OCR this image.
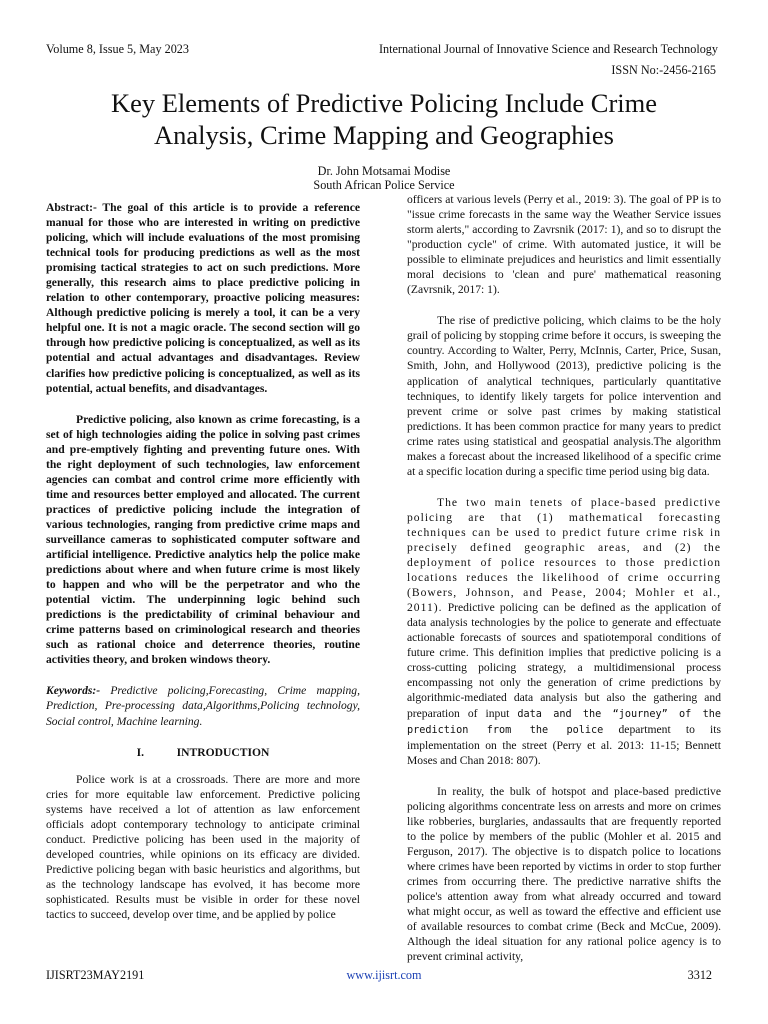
Volume 8, Issue 5, May 2023	International Journal of Innovative Science and Research Technology
ISSN No:-2456-2165
Key Elements of Predictive Policing Include Crime
Analysis, Crime Mapping and Geographies
Dr. John Motsamai Modise
South African Police Service

Abstract:- The goal of this article is to provide a reference manual for those who are interested in writing on predictive policing, which will include evaluations of the most promising technical tools for producing predictions as well as the most promising tactical strategies to act on such predictions. More generally, this research aims to place predictive policing in relation to other contemporary, proactive policing measures: Although predictive policing is merely a tool, it can be a very helpful one. It is not a magic oracle. The second section will go through how predictive policing is conceptualized, as well as its potential and actual advantages and disadvantages. Review clarifies how predictive policing is conceptualized, as well as its potential, actual benefits, and disadvantages.

Predictive policing, also known as crime forecasting, is a set of high technologies aiding the police in solving past crimes and pre-emptively fighting and preventing future ones. With the right deployment of such technologies, law enforcement agencies can combat and control crime more efficiently with time and resources better employed and allocated. The current practices of predictive policing include the integration of various technologies, ranging from predictive crime maps and surveillance cameras to sophisticated computer software and artificial intelligence. Predictive analytics help the police make predictions about where and when future crime is most likely to happen and who will be the perpetrator and who the potential victim. The underpinning logic behind such predictions is the predictability of criminal behaviour and crime patterns based on criminological research and theories such as rational choice and deterrence theories, routine activities theory, and broken windows theory.

Keywords:- Predictive policing,Forecasting, Crime mapping, Prediction, Pre-processing data,Algorithms,Policing technology, Social control, Machine learning.

I.	INTRODUCTION

Police work is at a crossroads. There are more and more cries for more equitable law enforcement. Predictive policing systems have received a lot of attention as law enforcement officials adopt contemporary technology to anticipate criminal conduct. Predictive policing has been used in the majority of developed countries, while opinions on its efficacy are divided. Predictive policing began with basic heuristics and algorithms, but as the technology landscape has evolved, it has become more sophisticated. Results must be visible in order for these novel tactics to succeed, develop over time, and be applied by police

officers at various levels (Perry et al., 2019: 3). The goal of PP is to "issue crime forecasts in the same way the Weather Service issues storm alerts," according to Zavrsnik (2017: 1), and so to disrupt the "production cycle" of crime. With automated justice, it will be possible to eliminate prejudices and heuristics and limit essentially moral decisions to 'clean and pure' mathematical reasoning (Zavrsnik, 2017: 1).

The rise of predictive policing, which claims to be the holy grail of policing by stopping crime before it occurs, is sweeping the country. According to Walter, Perry, McInnis, Carter, Price, Susan, Smith, John, and Hollywood (2013), predictive policing is the application of analytical techniques, particularly quantitative techniques, to identify likely targets for police intervention and prevent crime or solve past crimes by making statistical predictions. It has been common practice for many years to predict crime rates using statistical and geospatial analysis.The algorithm makes a forecast about the increased likelihood of a specific crime at a specific location during a specific time period using big data.

The two main tenets of place-based predictive policing are that (1) mathematical forecasting techniques can be used to predict future crime risk in precisely defined geographic areas, and (2) the deployment of police resources to those prediction locations reduces the likelihood of crime occurring (Bowers, Johnson, and Pease, 2004; Mohler et al., 2011). Predictive policing can be defined as the application of data analysis technologies by the police to generate and effectuate actionable forecasts of sources and spatiotemporal conditions of future crime. This definition implies that predictive policing is a cross-cutting policing strategy, a multidimensional process encompassing not only the generation of crime predictions by algorithmic-mediated data analysis but also the gathering and preparation of input data and the “journey” of the prediction from the police department to its implementation on the street (Perry et al. 2013: 11-15; Bennett Moses and Chan 2018: 807).

In reality, the bulk of hotspot and place-based predictive policing algorithms concentrate less on arrests and more on crimes like robberies, burglaries, andassaults that are frequently reported to the police by members of the public (Mohler et al. 2015 and Ferguson, 2017). The objective is to dispatch police to locations where crimes have been reported by victims in order to stop further crimes from occurring there. The predictive narrative shifts the police's attention away from what already occurred and toward what might occur, as well as toward the effective and efficient use of available resources to combat crime (Beck and McCue, 2009). Although the ideal situation for any rational police agency is to prevent criminal activity,

IJISRT23MAY2191	www.ijisrt.com	3312
